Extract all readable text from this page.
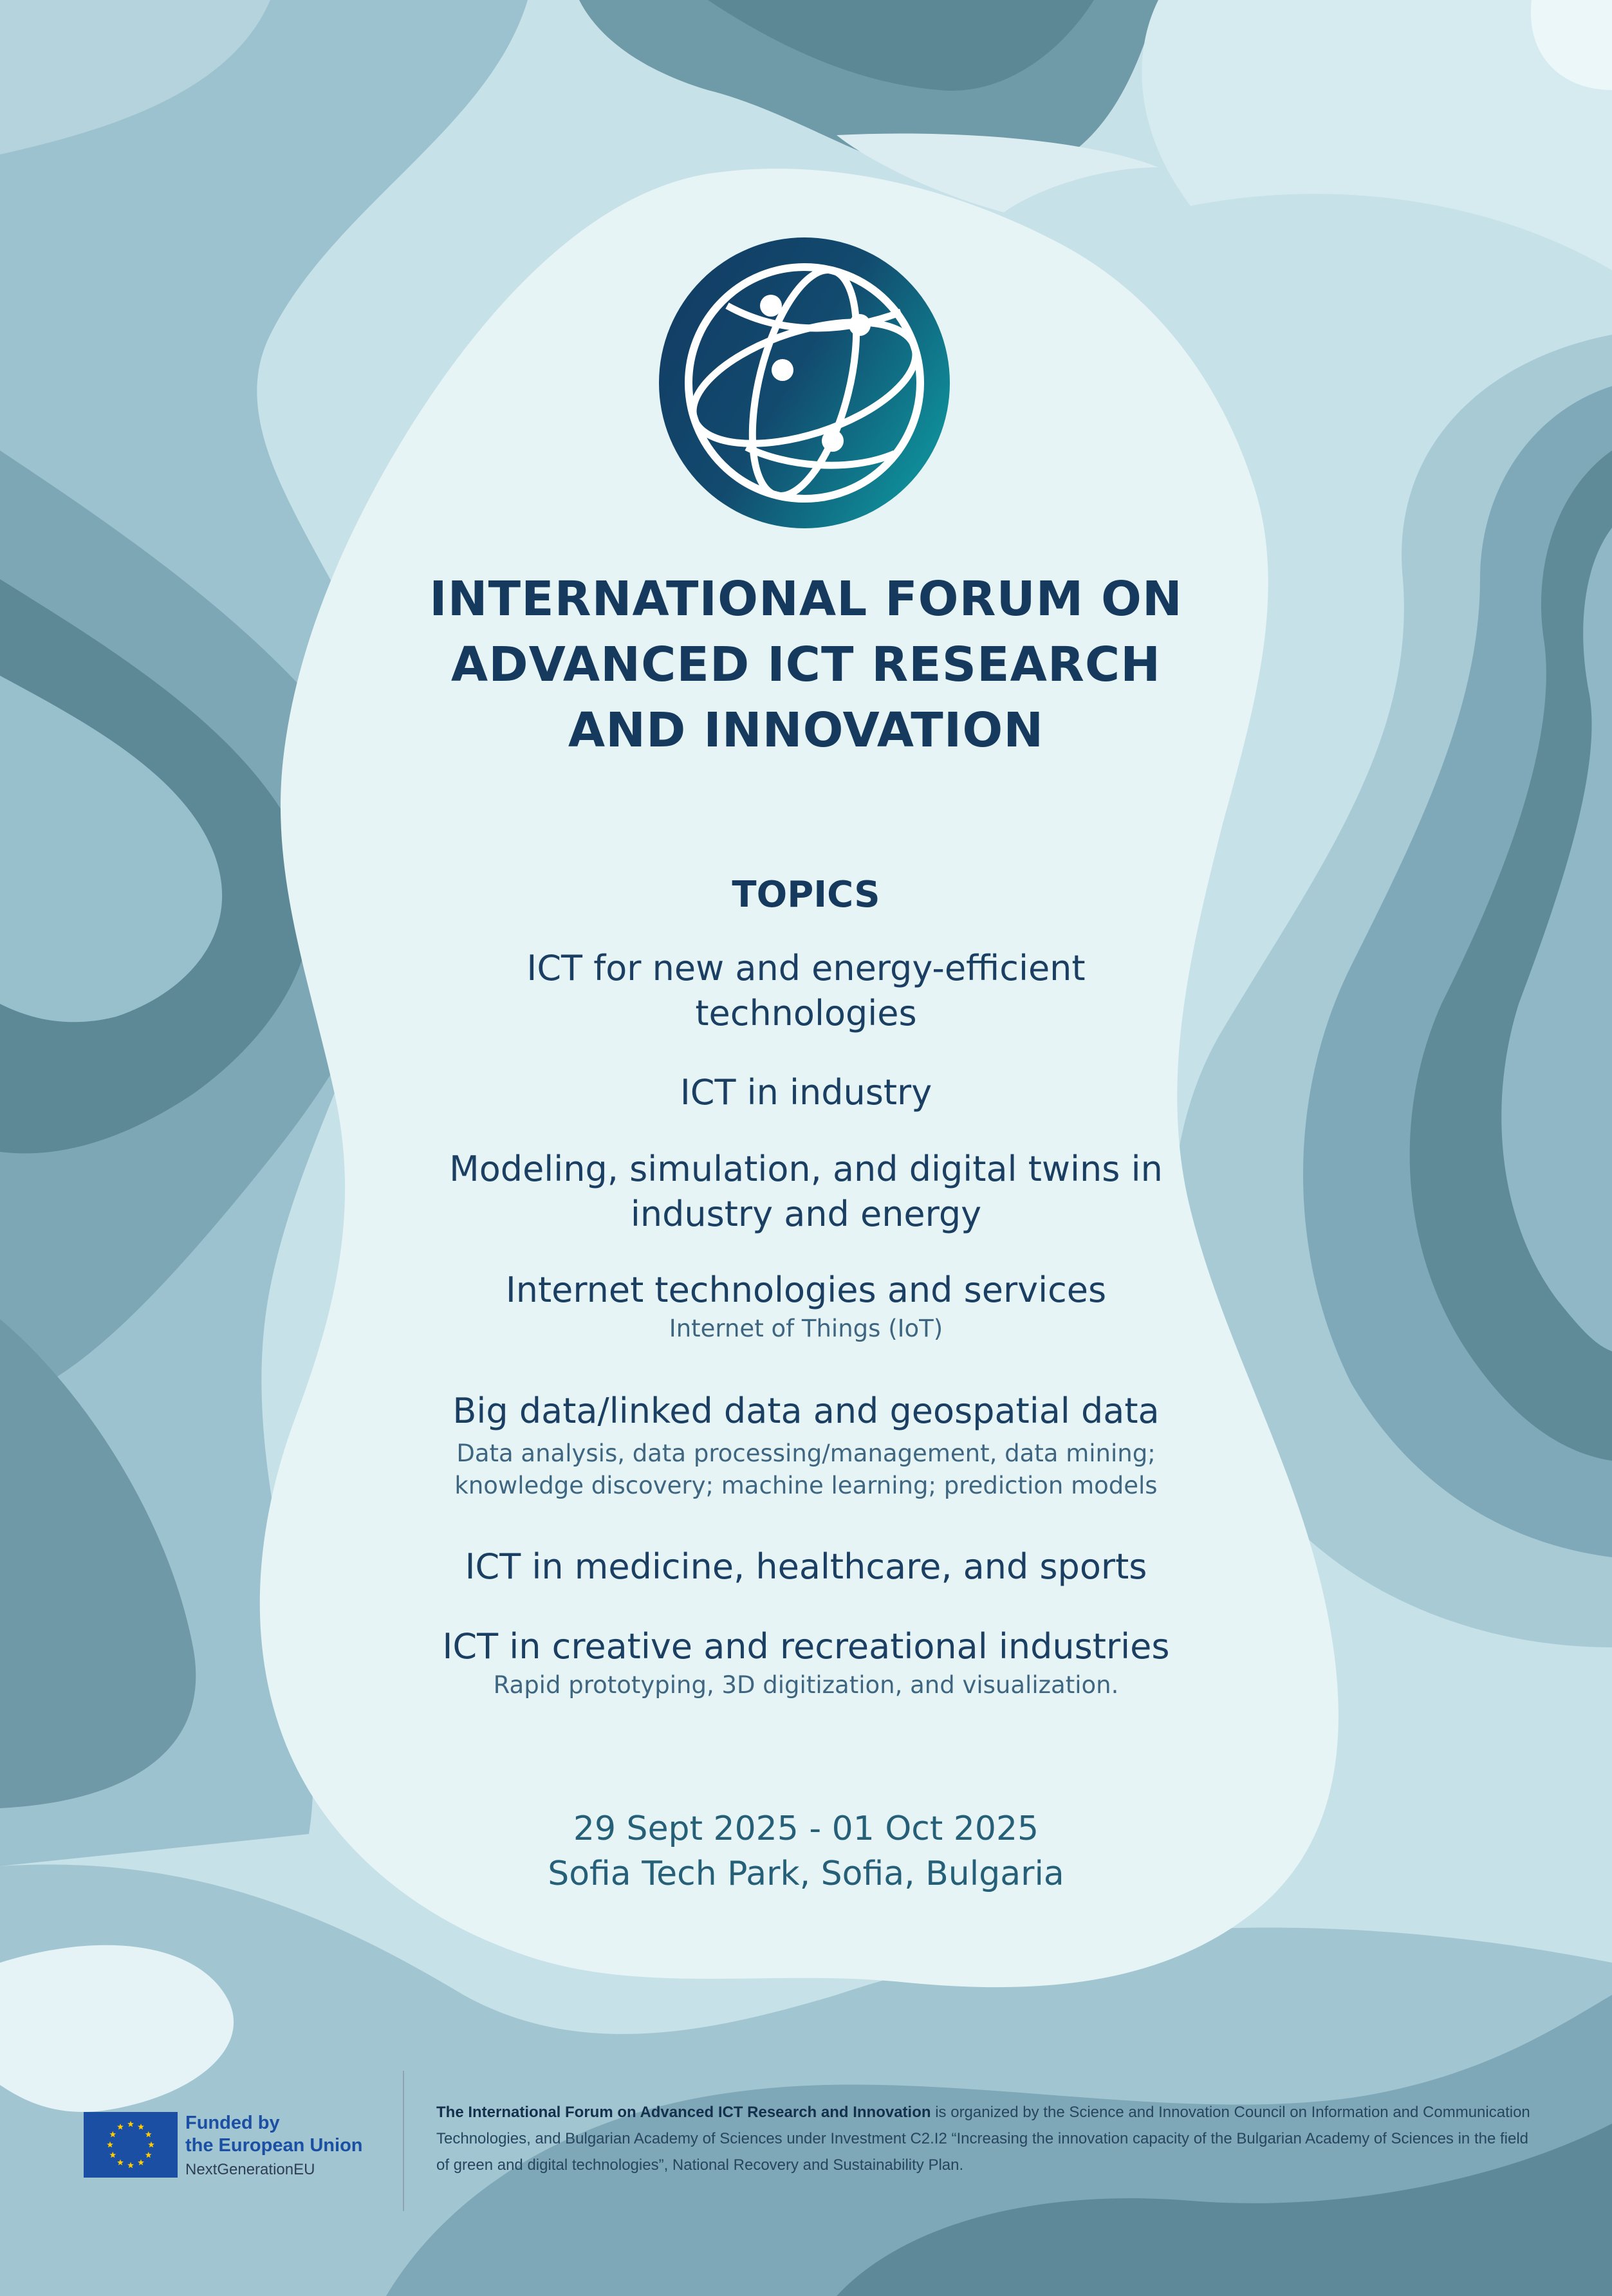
INTERNATIONAL FORUM ON
ADVANCED ICT RESEARCH
AND INNOVATION
TOPICS
ICT for new and energy-efficient
technologies
ICT in industry
Modeling, simulation, and digital twins in
industry and energy
Internet technologies and services
Internet of Things (IoT)
Big data/linked data and geospatial data
Data analysis, data processing/management, data mining;
knowledge discovery; machine learning; prediction models
ICT in medicine, healthcare, and sports
ICT in creative and recreational industries
Rapid prototyping, 3D digitization, and visualization.
29 Sept 2025 - 01 Oct 2025
Sofia Tech Park, Sofia, Bulgaria
Funded by
the European Union
NextGenerationEU
The International Forum on Advanced ICT Research and Innovation is organized by the Science and Innovation Council on Information and Communication Technologies, and Bulgarian Academy of Sciences under Investment C2.I2 “Increasing the innovation capacity of the Bulgarian Academy of Sciences in the field of green and digital technologies”, National Recovery and Sustainability Plan.
